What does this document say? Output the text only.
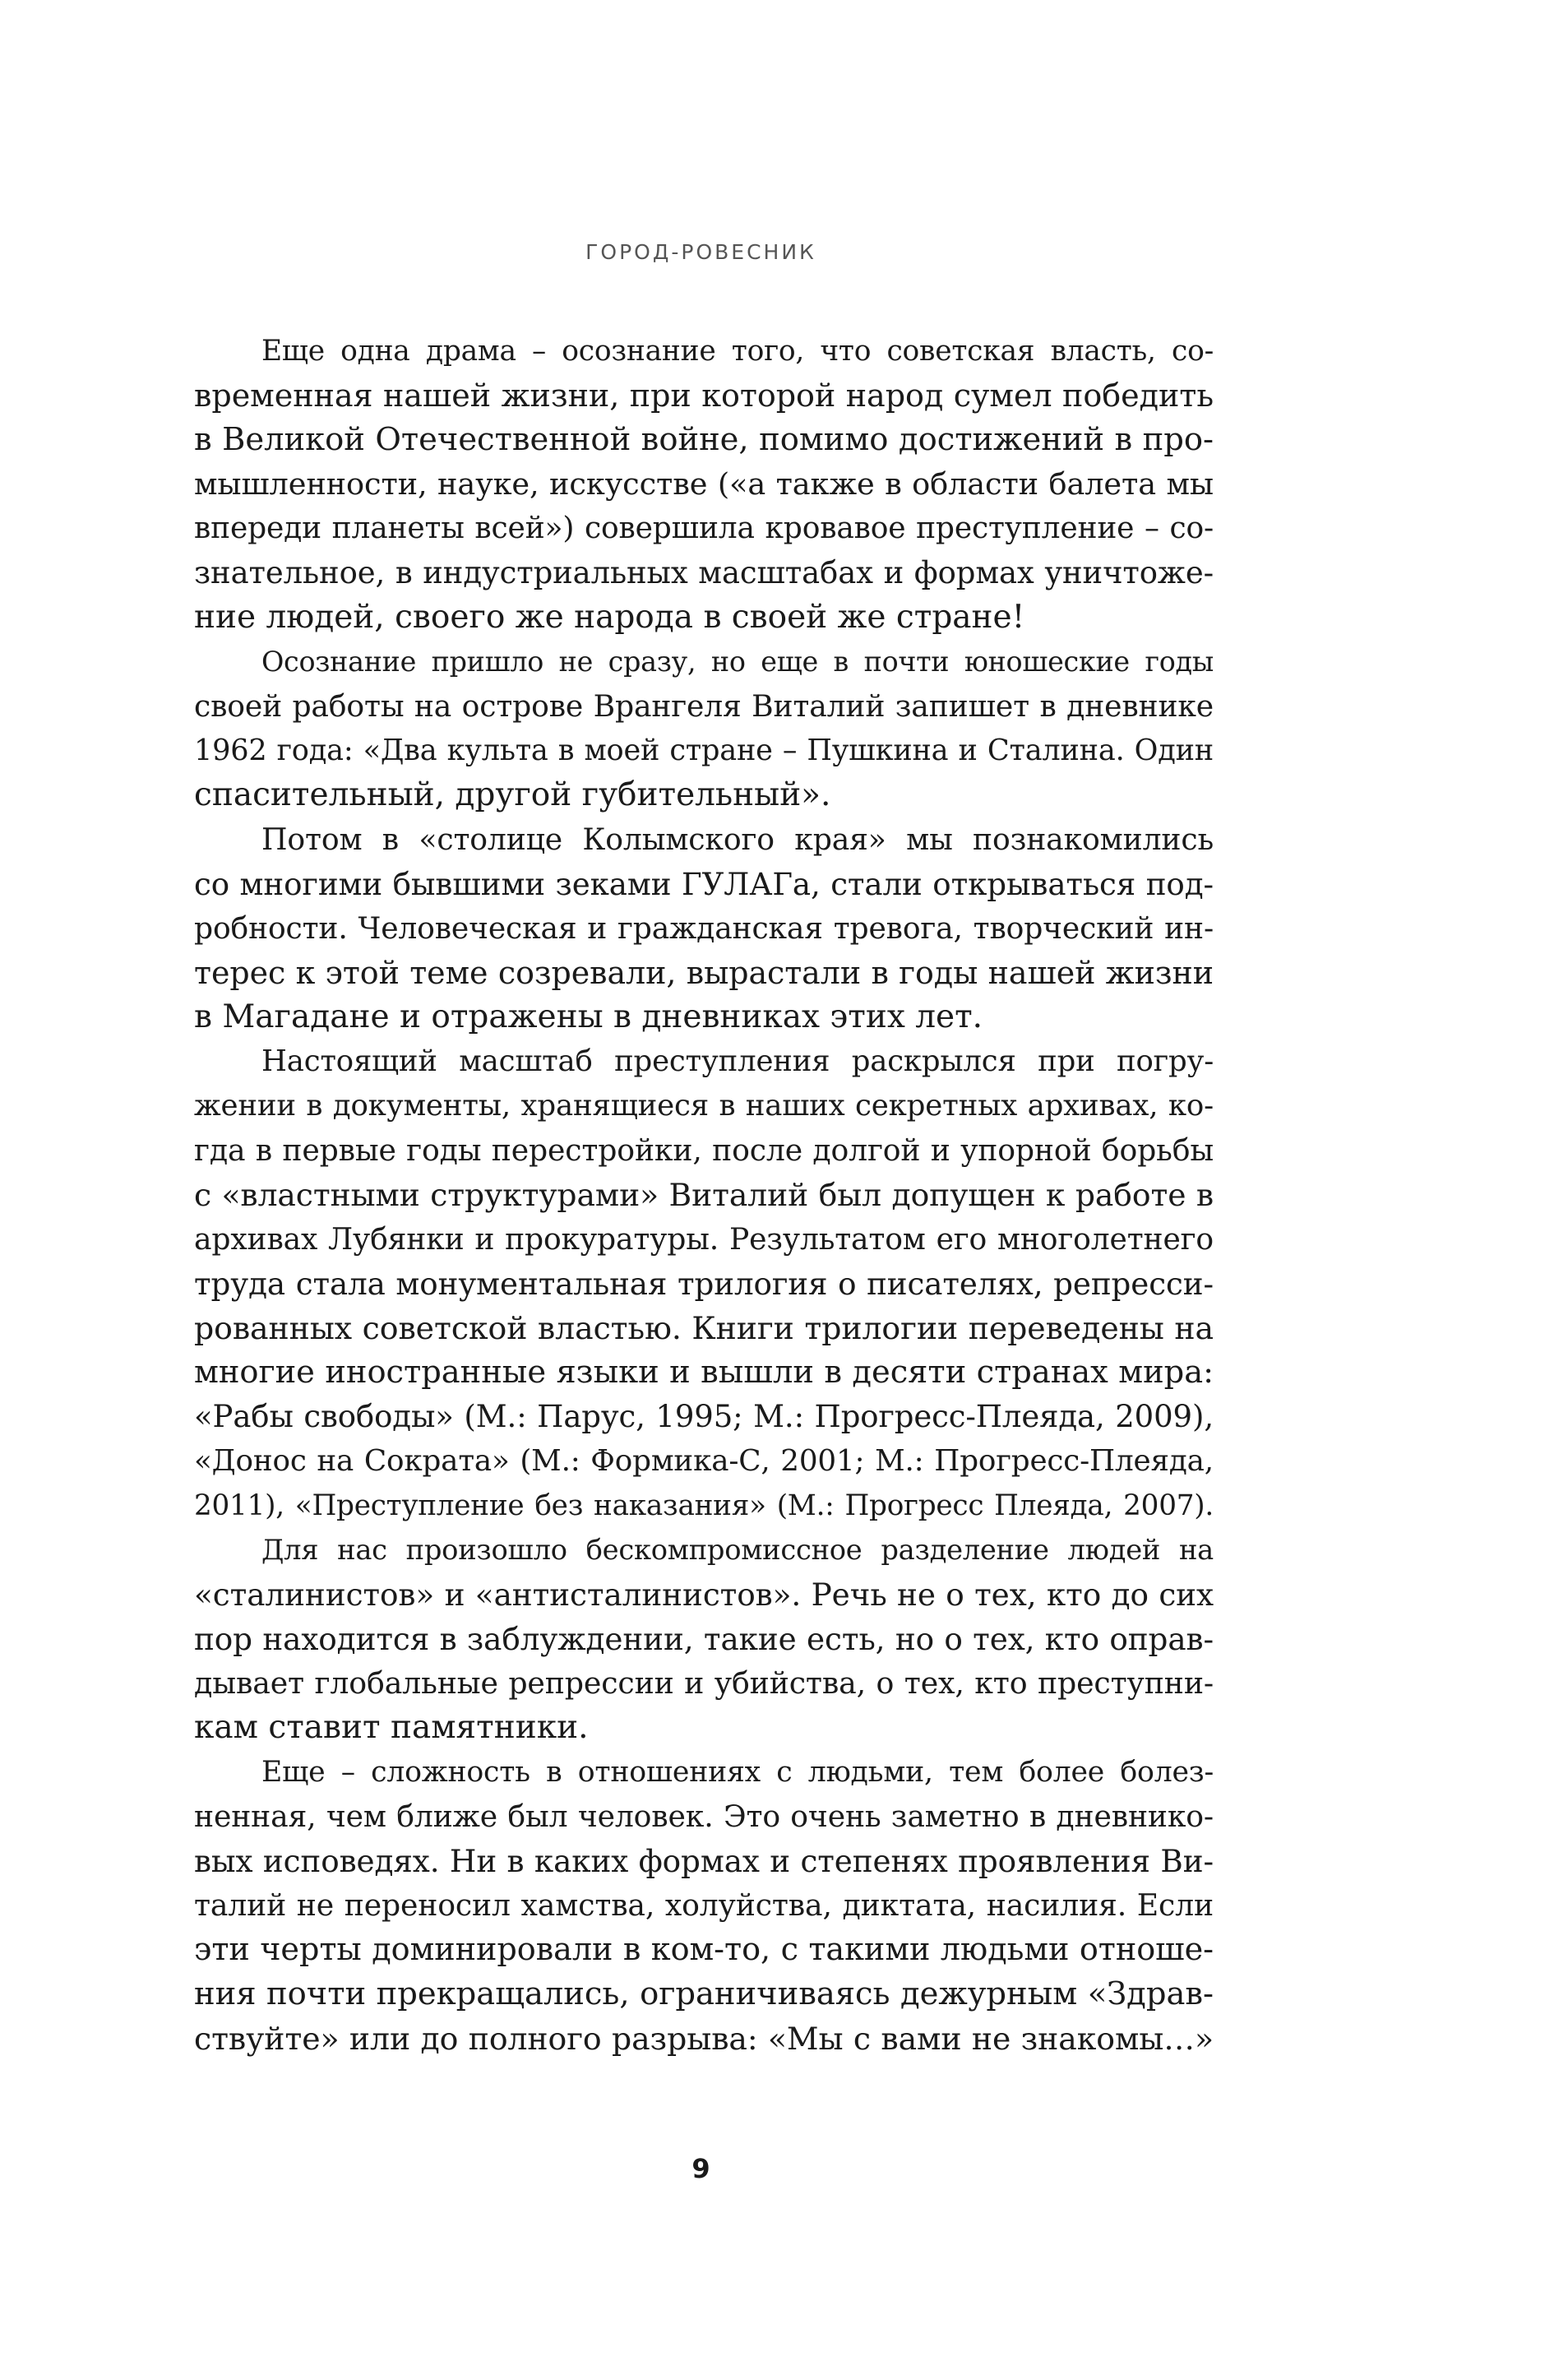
ГОРОД-РОВЕСНИК
Еще одна драма – осознание того, что советская власть, со-
временная нашей жизни, при которой народ сумел победить
в Великой Отечественной войне, помимо достижений в про-
мышленности, науке, искусстве («а также в области балета мы
впереди планеты всей») совершила кровавое преступление – со-
знательное, в индустриальных масштабах и формах уничтоже-
ние людей, своего же народа в своей же стране!
Осознание пришло не сразу, но еще в почти юношеские годы
своей работы на острове Врангеля Виталий запишет в дневнике
1962 года: «Два культа в моей стране – Пушкина и Сталина. Один
спасительный, другой губительный».
Потом в «столице Колымского края» мы познакомились
со многими бывшими зеками ГУЛАГа, стали открываться под-
робности. Человеческая и гражданская тревога, творческий ин-
терес к этой теме созревали, вырастали в годы нашей жизни
в Магадане и отражены в дневниках этих лет.
Настоящий масштаб преступления раскрылся при погру-
жении в документы, хранящиеся в наших секретных архивах, ко-
гда в первые годы перестройки, после долгой и упорной борьбы
с «властными структурами» Виталий был допущен к работе в
архивах Лубянки и прокуратуры. Результатом его многолетнего
труда стала монументальная трилогия о писателях, репресси-
рованных советской властью. Книги трилогии переведены на
многие иностранные языки и вышли в десяти странах мира:
«Рабы свободы» (М.: Парус, 1995; М.: Прогресс-Плеяда, 2009),
«Донос на Сократа» (М.: Формика-С, 2001; М.: Прогресс-Плеяда,
2011), «Преступление без наказания» (М.: Прогресс Плеяда, 2007).
Для нас произошло бескомпромиссное разделение людей на
«сталинистов» и «антисталинистов». Речь не о тех, кто до сих
пор находится в заблуждении, такие есть, но о тех, кто оправ-
дывает глобальные репрессии и убийства, о тех, кто преступни-
кам ставит памятники.
Еще – сложность в отношениях с людьми, тем более болез-
ненная, чем ближе был человек. Это очень заметно в дневнико-
вых исповедях. Ни в каких формах и степенях проявления Ви-
талий не переносил хамства, холуйства, диктата, насилия. Если
эти черты доминировали в ком-то, с такими людьми отноше-
ния почти прекращались, ограничиваясь дежурным «Здрав-
ствуйте» или до полного разрыва: «Мы с вами не знакомы…»
9
